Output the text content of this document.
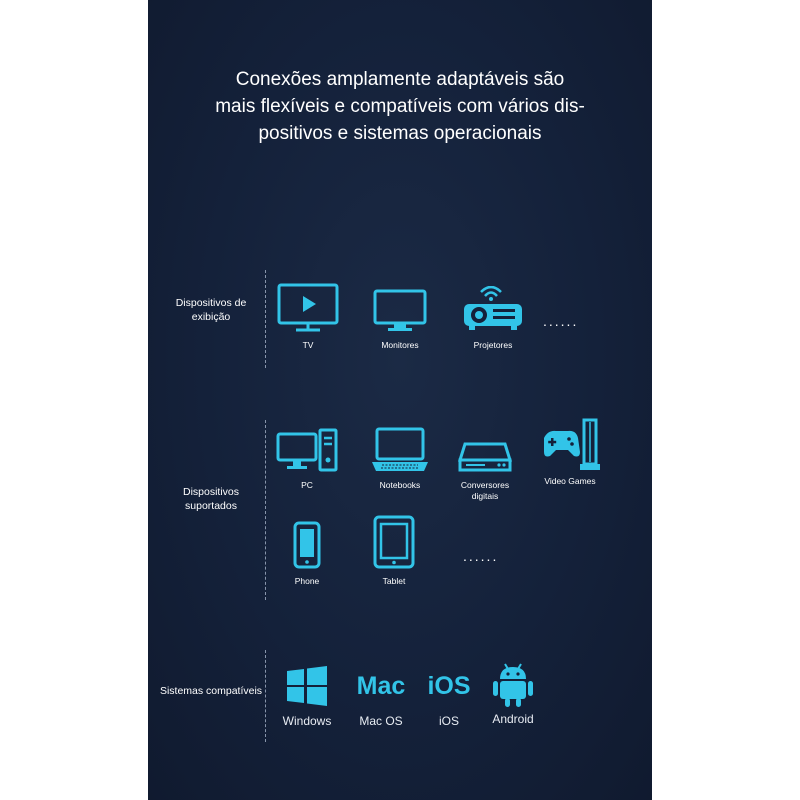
Conexões amplamente adaptáveis são
mais flexíveis e compatíveis com vários dis-
positivos e sistemas operacionais
Dispositivos de exibição
TV	Monitores	Projetores
......
Dispositivos suportados
PC	Notebooks	Conversores digitais
Video Games
Phone	Tablet
......
Sistemas compatíveis
Windows
Mac
Mac OS
iOS
iOS	Android
